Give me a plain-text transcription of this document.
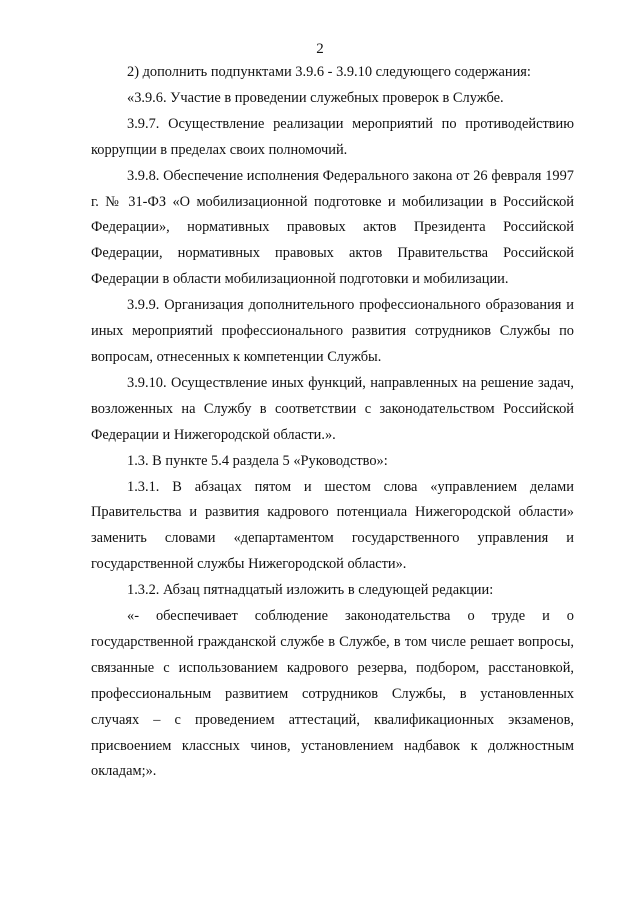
2

2) дополнить подпунктами 3.9.6 - 3.9.10 следующего содержания:

«3.9.6. Участие в проведении служебных проверок в Службе.

3.9.7. Осуществление реализации мероприятий по противодействию коррупции в пределах своих полномочий.

3.9.8. Обеспечение исполнения Федерального закона от 26 февраля 1997 г. № 31-ФЗ «О мобилизационной подготовке и мобилизации в Российской Федерации», нормативных правовых актов Президента Российской Федерации, нормативных правовых актов Правительства Российской Федерации в области мобилизационной подготовки и мобилизации.

3.9.9. Организация дополнительного профессионального образования и иных мероприятий профессионального развития сотрудников Службы по вопросам, отнесенных к компетенции Службы.

3.9.10. Осуществление иных функций, направленных на решение задач, возложенных на Службу в соответствии с законодательством Российской Федерации и Нижегородской области.».

1.3. В пункте 5.4 раздела 5 «Руководство»:

1.3.1. В абзацах пятом и шестом слова «управлением делами Правительства и развития кадрового потенциала Нижегородской области» заменить словами «департаментом государственного управления и государственной службы Нижегородской области».

1.3.2. Абзац пятнадцатый изложить в следующей редакции:

«- обеспечивает соблюдение законодательства о труде и о государственной гражданской службе в Службе, в том числе решает вопросы, связанные с использованием кадрового резерва, подбором, расстановкой, профессиональным развитием сотрудников Службы, в установленных случаях – с проведением аттестаций, квалификационных экзаменов, присвоением классных чинов, установлением надбавок к должностным окладам;».
